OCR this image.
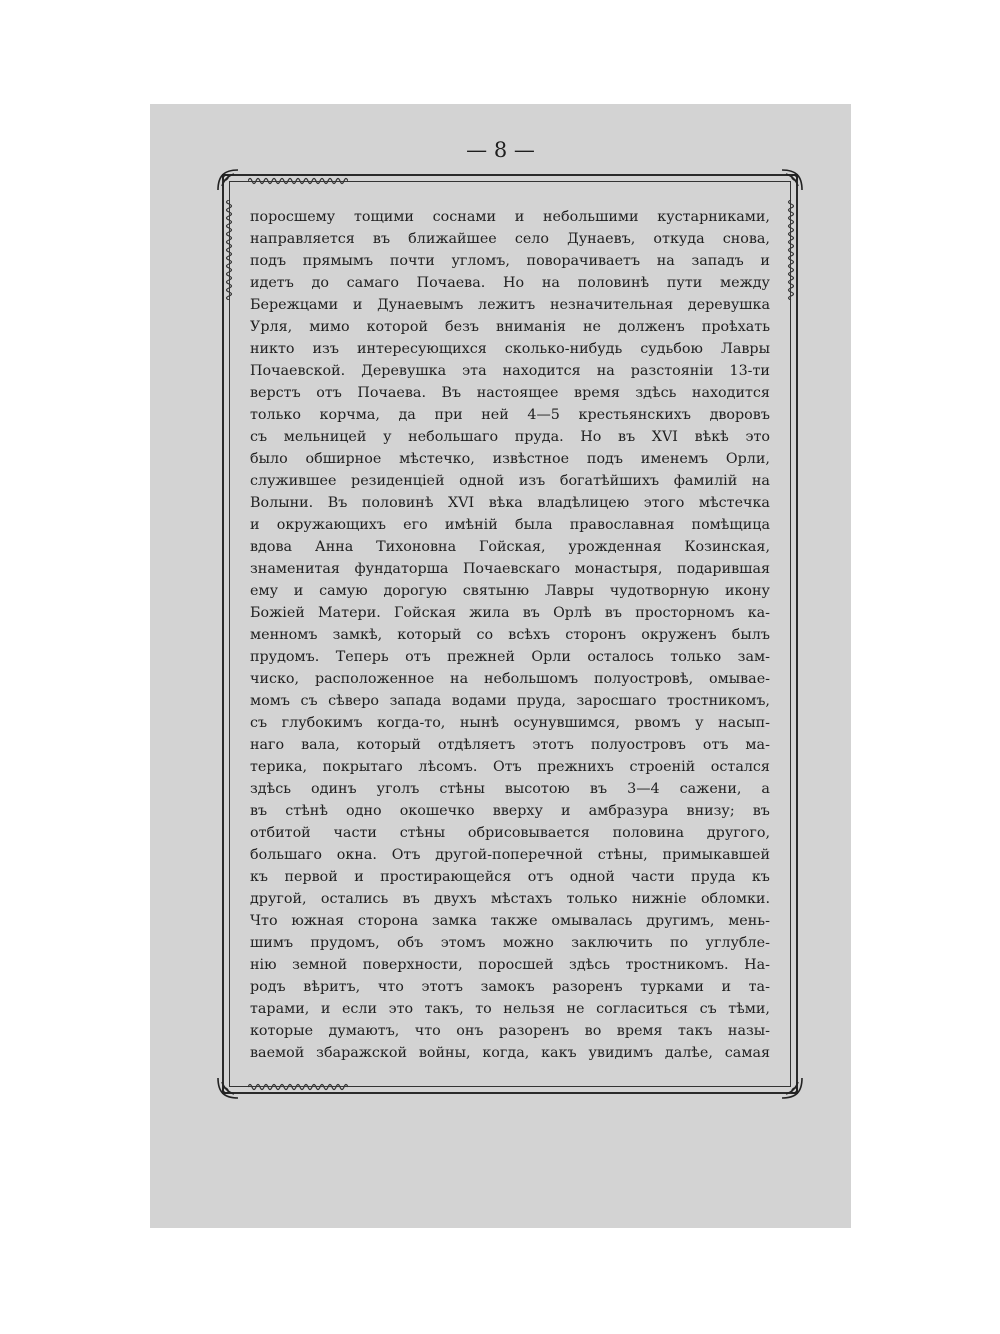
— 8 —
поросшему тощими соснами и небольшими кустарниками,
направляется въ ближайшее село Дунаевъ, откуда снова,
подъ прямымъ почти угломъ, поворачиваетъ на западъ и
идетъ до самаго Почаева. Но на половинѣ пути между
Бережцами и Дунаевымъ лежитъ незначительная деревушка
Урля, мимо которой безъ вниманія не долженъ проѣхать
никто изъ интересующихся сколько-нибудь судьбою Лавры
Почаевской. Деревушка эта находится на разстояніи 13-ти
верстъ отъ Почаева. Въ настоящее время здѣсь находится
только корчма, да при ней 4—5 крестьянскихъ дворовъ
съ мельницей у небольшаго пруда. Но въ XVI вѣкѣ это
было обширное мѣстечко, извѣстное подъ именемъ Орли,
служившее резиденціей одной изъ богатѣйшихъ фамилій на
Волыни. Въ половинѣ XVI вѣка владѣлицею этого мѣстечка
и окружающихъ его имѣній была православная помѣщица
вдова Анна Тихоновна Гойская, урожденная Козинская,
знаменитая фундаторша Почаевскаго монастыря, подарившая
ему и самую дорогую святыню Лавры чудотворную икону
Божіей Матери. Гойская жила въ Орлѣ въ просторномъ ка-
менномъ замкѣ, который со всѣхъ сторонъ окруженъ былъ
прудомъ. Теперь отъ прежней Орли осталось только зам-
чиско, расположенное на небольшомъ полуостровѣ, омывае-
момъ съ сѣверо запада водами пруда, заросшаго тростникомъ,
съ глубокимъ когда-то, нынѣ осунувшимся, рвомъ у насып-
наго вала, который отдѣляетъ этотъ полуостровъ отъ ма-
терика, покрытаго лѣсомъ. Отъ прежнихъ строеній остался
здѣсь одинъ уголъ стѣны высотою въ 3—4 сажени, а
въ стѣнѣ одно окошечко вверху и амбразура внизу; въ
отбитой части стѣны обрисовывается половина другого,
большаго окна. Отъ другой-поперечной стѣны, примыкавшей
къ первой и простирающейся отъ одной части пруда къ
другой, остались въ двухъ мѣстахъ только нижніе обломки.
Что южная сторона замка также омывалась другимъ, мень-
шимъ прудомъ, объ этомъ можно заключить по углубле-
нію земной поверхности, поросшей здѣсь тростникомъ. На-
родъ вѣритъ, что этотъ замокъ разоренъ турками и та-
тарами, и если это такъ, то нельзя не согласиться съ тѣми,
которые думаютъ, что онъ разоренъ во время такъ назы-
ваемой збаражской войны, когда, какъ увидимъ далѣе, самая
